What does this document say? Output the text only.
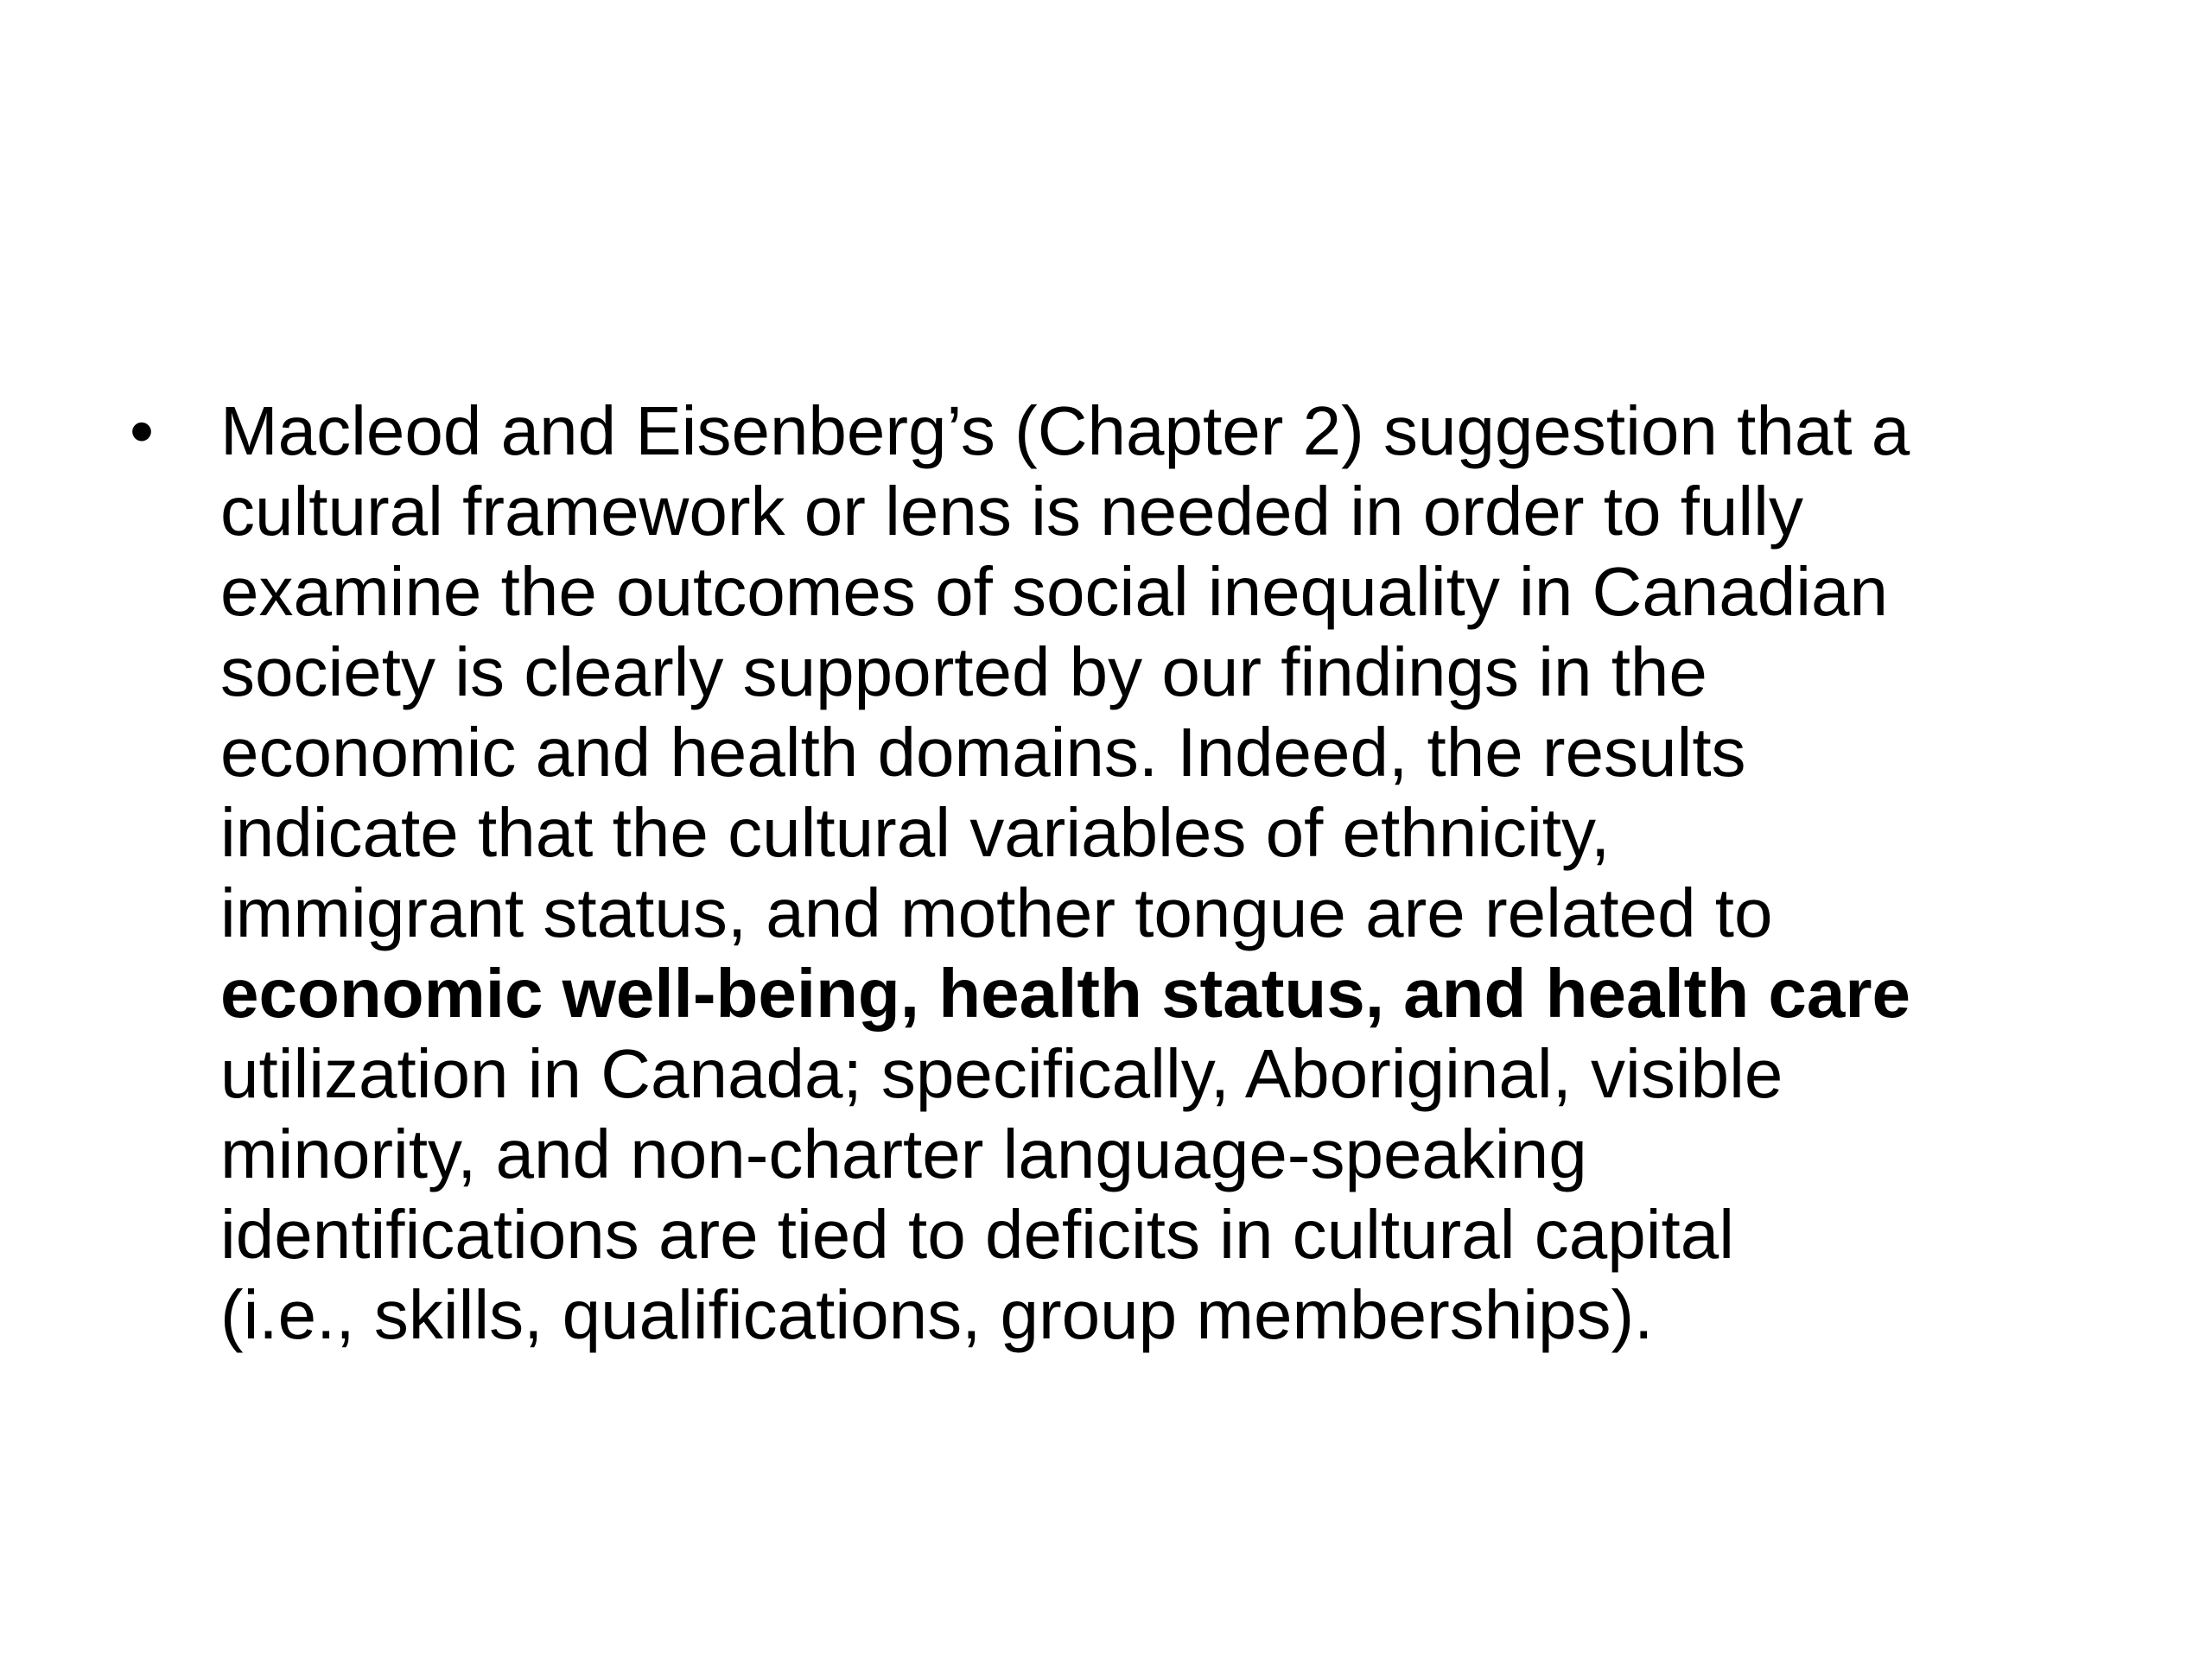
• Macleod and Eisenberg’s (Chapter 2) suggestion that a
cultural framework or lens is needed in order to fully
examine the outcomes of social inequality in Canadian
society is clearly supported by our findings in the
economic and health domains. Indeed, the results
indicate that the cultural variables of ethnicity,
immigrant status, and mother tongue are related to
economic well-being, health status, and health care
utilization in Canada; specifically, Aboriginal, visible
minority, and non-charter language-speaking
identifications are tied to deficits in cultural capital
(i.e., skills, qualifications, group memberships).
